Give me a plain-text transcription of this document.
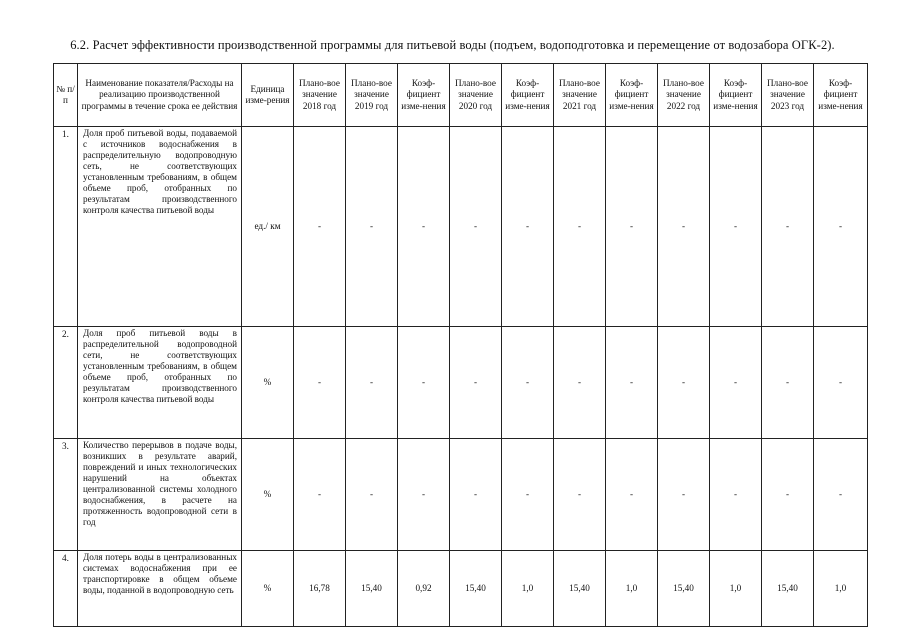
6.2. Расчет эффективности производственной программы для питьевой воды (подъем, водоподготовка и перемещение от водозабора ОГК-2).
№ п/п	Наименование показателя/Расходы на реализацию производственной программы в течение срока ее действия	Единица изме-рения	Плано-вое значение 2018 год	Плано-вое значение 2019 год	Коэф-фициент изме-нения	Плано-вое значение 2020 год	Коэф-фициент изме-нения	Плано-вое значение 2021 год	Коэф-фициент изме-нения	Плано-вое значение 2022 год	Коэф-фициент изме-нения	Плано-вое значение 2023 год	Коэф-фициент изме-нения
1.	Доля проб питьевой воды, подаваемой с источников водоснабжения в распределительную водопроводную сеть, не соответствующих установленным требованиям, в общем объеме проб, отобранных по результатам производственного контроля качества питьевой воды	ед./ км	-	-	-	-	-	-	-	-	-	-	-
2.	Доля проб питьевой воды в распределительной водопроводной сети, не соответствующих установленным требованиям, в общем объеме проб, отобранных по результатам производственного контроля качества питьевой воды	%	-	-	-	-	-	-	-	-	-	-	-
3.	Количество перерывов в подаче воды, возникших в результате аварий, повреждений и иных технологических нарушений на объектах централизованной системы холодного водоснабжения, в расчете на протяженность водопроводной сети в год	%	-	-	-	-	-	-	-	-	-	-	-
4.	Доля потерь воды в централизованных системах водоснабжения при ее транспортировке в общем объеме воды, поданной в водопроводную сеть	%	16,78	15,40	0,92	15,40	1,0	15,40	1,0	15,40	1,0	15,40	1,0
